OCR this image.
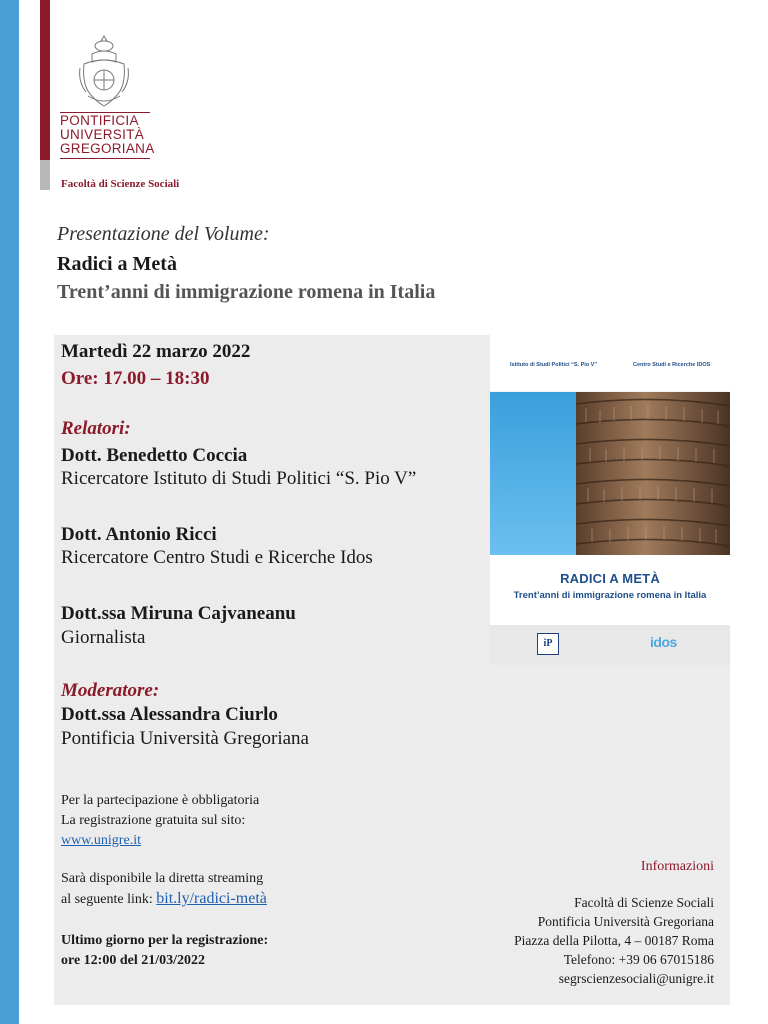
PONTIFICIA
UNIVERSITÀ
GREGORIANA
Facoltà di Scienze Sociali
Presentazione del Volume:
Radici a Metà
Trent’anni di immigrazione romena in Italia
Martedì 22 marzo 2022
Ore: 17.00 – 18:30
Relatori:
Dott. Benedetto Coccia
Ricercatore Istituto di Studi Politici “S. Pio V”
Dott. Antonio Ricci
Ricercatore Centro Studi e Ricerche Idos
Dott.ssa Miruna Cajvaneanu
Giornalista
Moderatore:
Dott.ssa Alessandra Ciurlo
Pontificia Università Gregoriana
Per la partecipazione è obbligatoria
La registrazione gratuita sul sito:
www.unigre.it
Sarà disponibile la diretta streaming
al seguente link: bit.ly/radici-metà
Ultimo giorno per la registrazione:
ore 12:00 del 21/03/2022
Istituto di Studi Politici “S. Pio V”	Centro Studi e Ricerche IDOS
RADICI A METÀ
Trent’anni di immigrazione romena in Italia
iP	idos
Informazioni
Facoltà di Scienze Sociali
Pontificia Università Gregoriana
Piazza della Pilotta, 4 – 00187 Roma
Telefono: +39 06 67015186
segrscienzesociali@unigre.it
